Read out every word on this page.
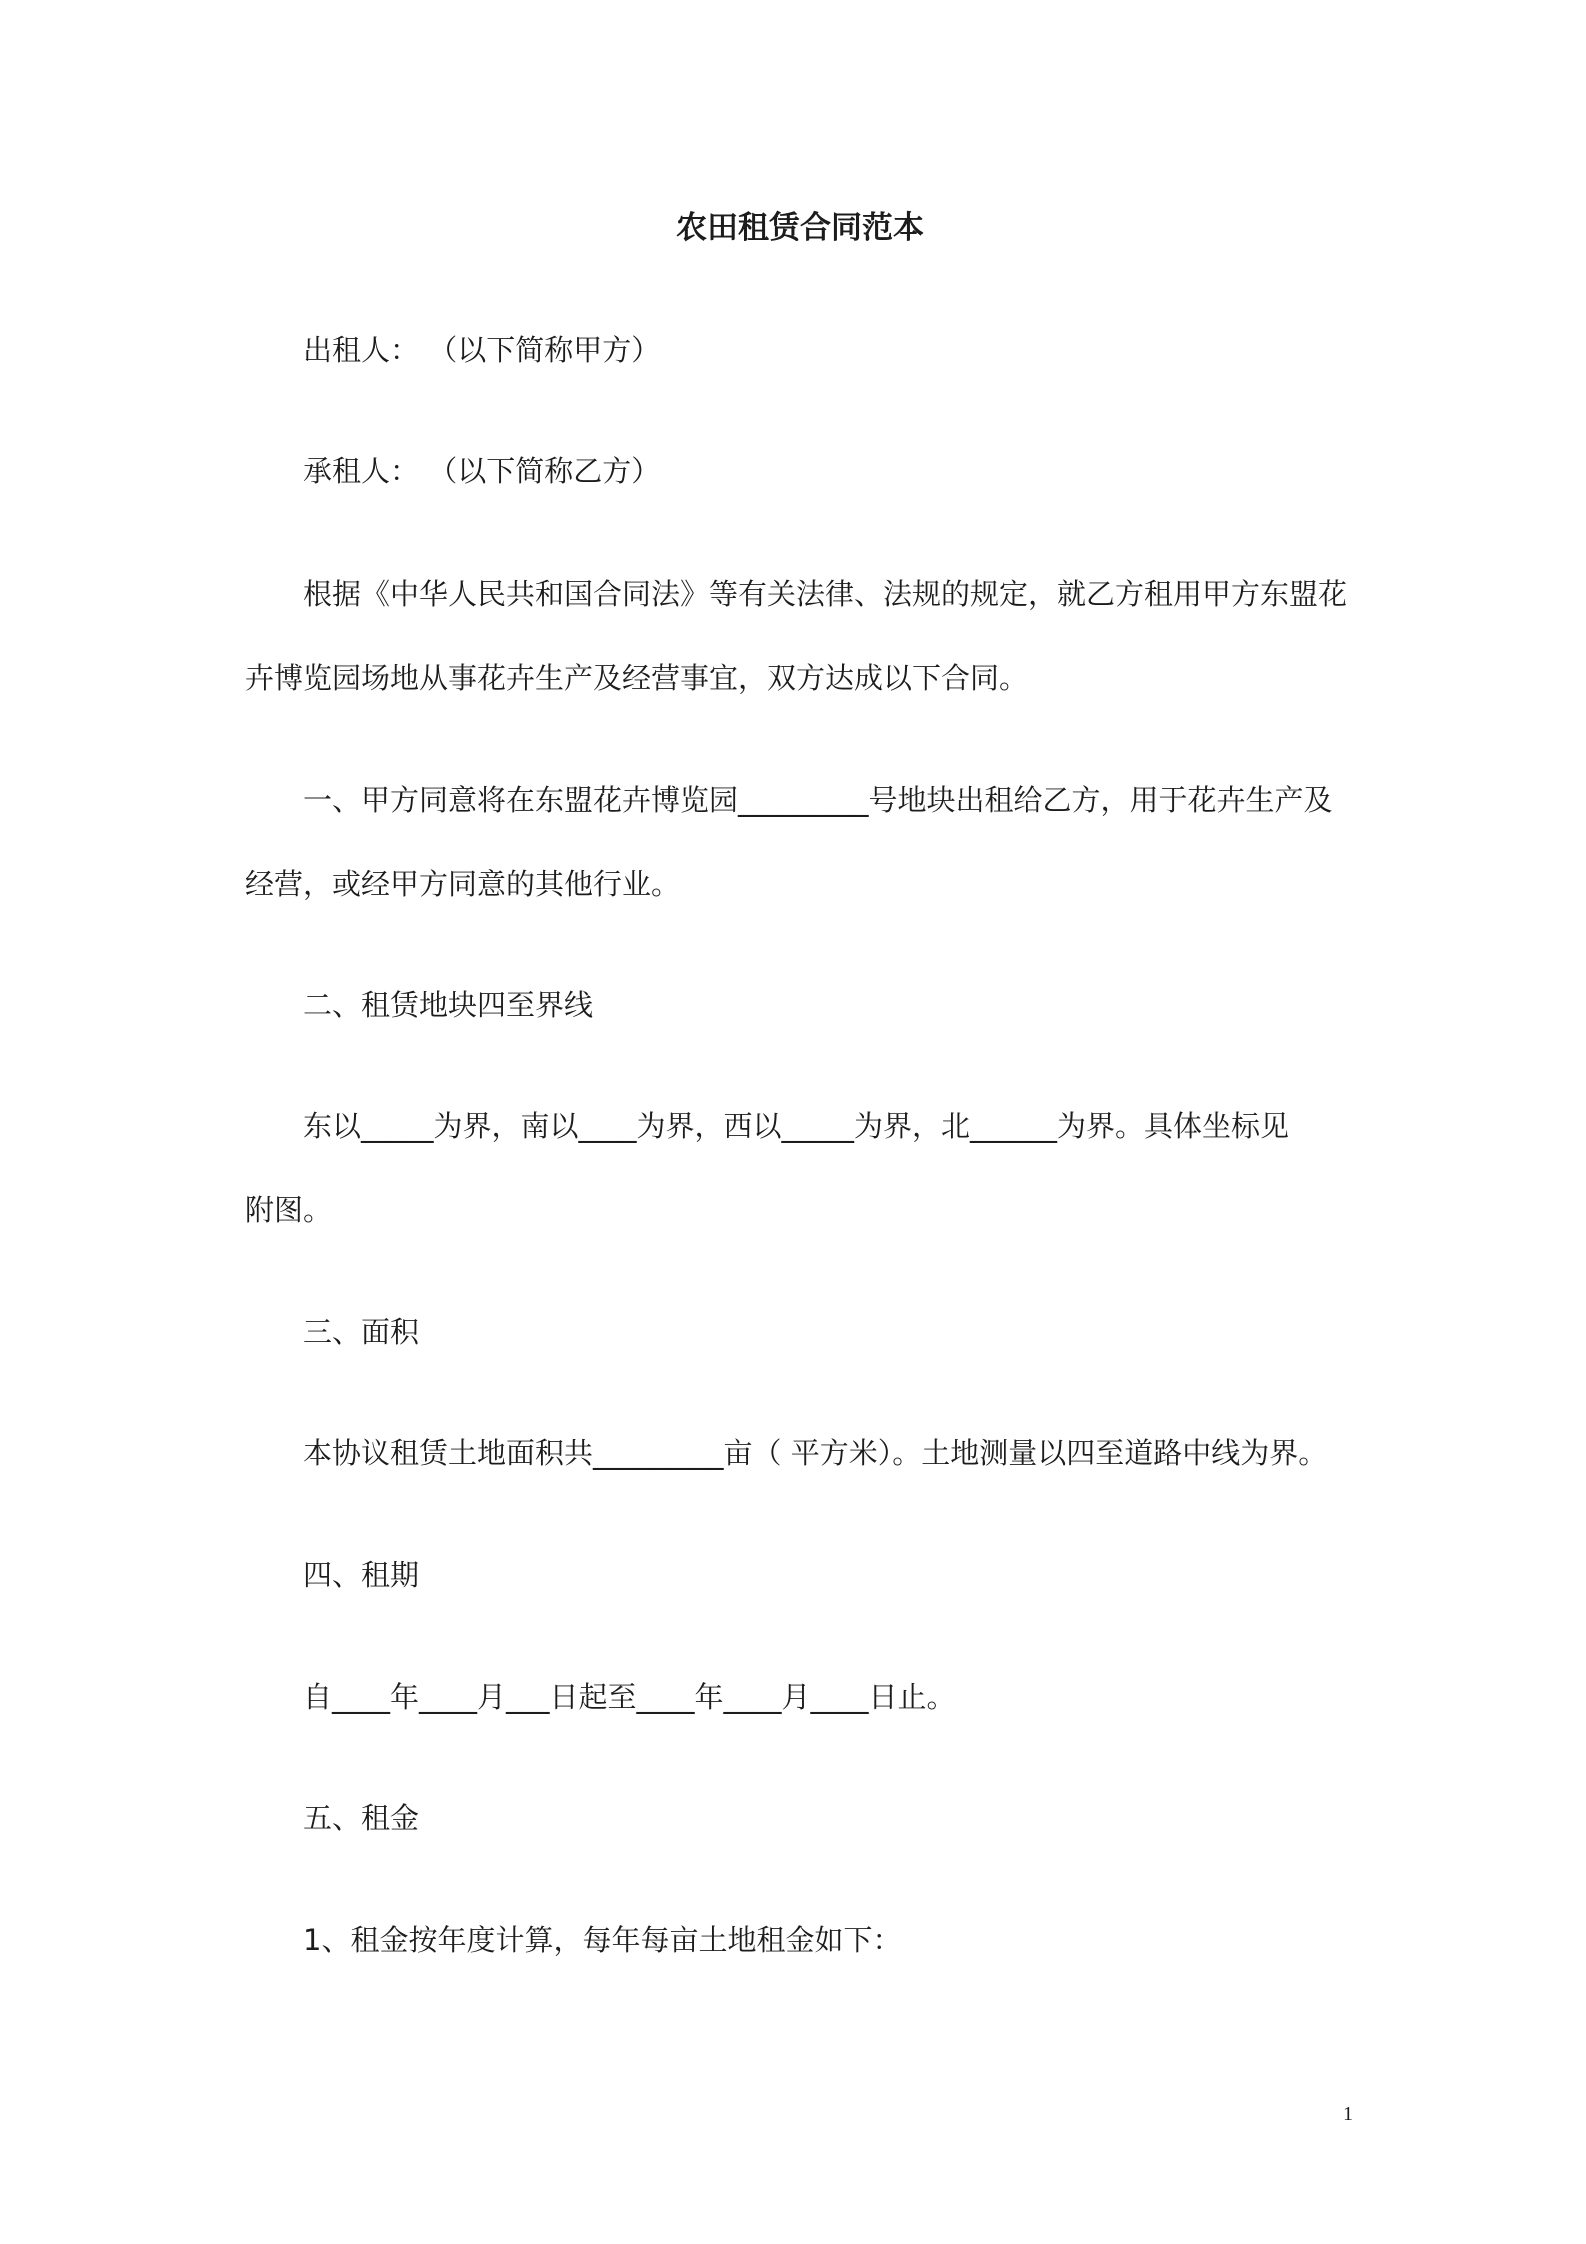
农田租赁合同范本
出租人： （以下简称甲方）
承租人： （以下简称乙方）
根据《中华人民共和国合同法》等有关法律、法规的规定，就乙方租用甲方东盟花
卉博览园场地从事花卉生产及经营事宜，双方达成以下合同。
一、甲方同意将在东盟花卉博览园_________号地块出租给乙方，用于花卉生产及
经营，或经甲方同意的其他行业。
二、租赁地块四至界线
东以_____为界，南以____为界，西以_____为界，北______为界。具体坐标见
附图。
三、面积
本协议租赁土地面积共_________亩（ 平方米）。土地测量以四至道路中线为界。
四、租期
自____年____月___日起至____年____月____日止。
五、租金
1、租金按年度计算，每年每亩土地租金如下：
1
